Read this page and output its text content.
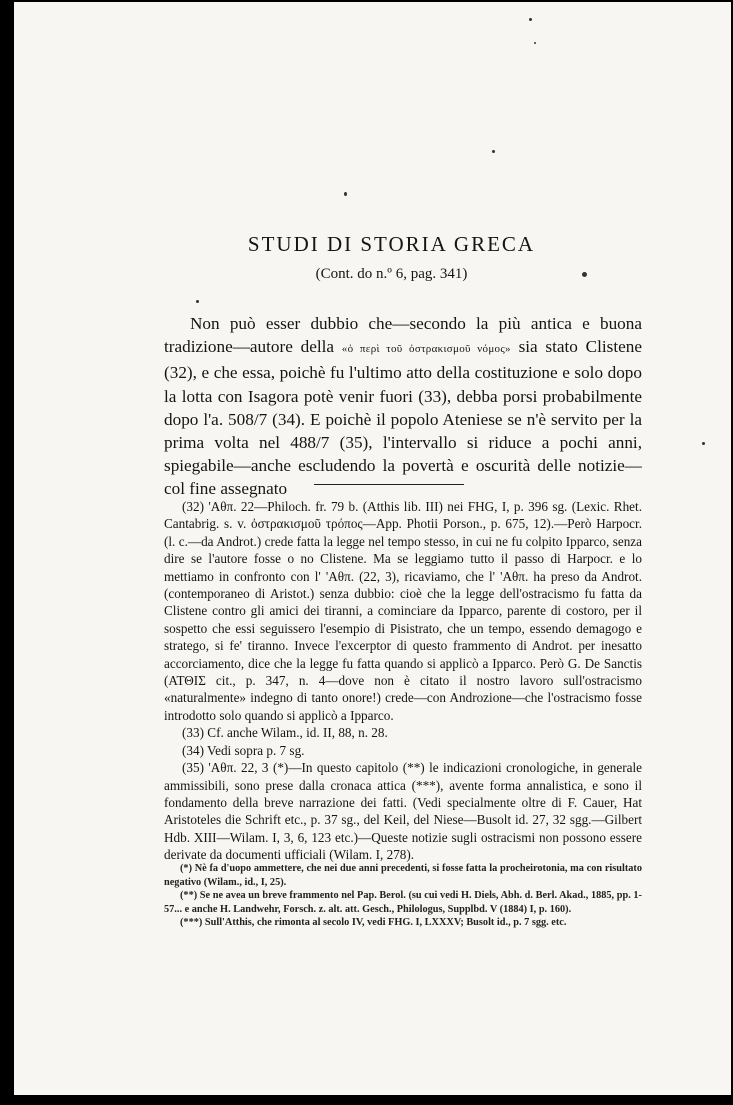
STUDI DI STORIA GRECA
(Cont. do n.º 6, pag. 341)

Non può esser dubbio che—secondo la più antica e buona tradizione—autore della «ὁ περὶ τοῦ ὀστρακισμοῦ νόμος» sia stato Clistene (32), e che essa, poichè fu l'ultimo atto della costituzione e solo dopo la lotta con Isagora potè venir fuori (33), debba porsi probabilmente dopo l'a. 508/7 (34). E poichè il popolo Ateniese se n'è servito per la prima volta nel 488/7 (35), l'intervallo si riduce a pochi anni, spiegabile—anche escludendo la povertà e oscurità delle notizie—col fine assegnato

(32) 'Αθπ. 22—Philoch. fr. 79 b. (Atthis lib. III) nei FHG, I, p. 396 sg. (Lexic. Rhet. Cantabrig. s. v. ὀστρακισμοῦ τρόπος—App. Photii Porson., p. 675, 12).—Però Harpocr. (l. c.—da Androt.) crede fatta la legge nel tempo stesso, in cui ne fu colpito Ipparco, senza dire se l'autore fosse o no Clistene. Ma se leggiamo tutto il passo di Harpocr. e lo mettiamo in confronto con l' 'Αθπ. (22, 3), ricaviamo, che l' 'Αθπ. ha preso da Androt. (contemporaneo di Aristot.) senza dubbio: cioè che la legge dell'ostracismo fu fatta da Clistene contro gli amici dei tiranni, a cominciare da Ipparco, parente di costoro, per il sospetto che essi seguissero l'esempio di Pisistrato, che un tempo, essendo demagogo e stratego, si fe' tiranno. Invece l'excerptor di questo frammento di Androt. per inesatto accorciamento, dice che la legge fu fatta quando si applicò a Ipparco. Però G. De Sanctis (ΑΤΘΙΣ cit., p. 347, n. 4—dove non è citato il nostro lavoro sull'ostracismo «naturalmente» indegno di tanto onore!) crede—con Androzione—che l'ostracismo fosse introdotto solo quando si applicò a Ipparco.

(33) Cf. anche Wilam., id. II, 88, n. 28.

(34) Vedi sopra p. 7 sg.

(35) 'Αθπ. 22, 3 (*)—In questo capitolo (**) le indicazioni cronologiche, in generale ammissibili, sono prese dalla cronaca attica (***), avente forma annalistica, e sono il fondamento della breve narrazione dei fatti. (Vedi specialmente oltre di F. Cauer, Hat Aristoteles die Schrift etc., p. 37 sg., del Keil, del Niese—Busolt id. 27, 32 sgg.—Gilbert Hdb. XIII—Wilam. I, 3, 6, 123 etc.)—Queste notizie sugli ostracismi non possono essere derivate da documenti ufficiali (Wilam. I, 278).

(*) Nè fa d'uopo ammettere, che nei due anni precedenti, si fosse fatta la procheirotonia, ma con risultato negativo (Wilam., id., I, 25).

(**) Se ne avea un breve frammento nel Pap. Berol. (su cui vedi H. Diels, Abh. d. Berl. Akad., 1885, pp. 1-57... e anche H. Landwehr, Forsch. z. alt. att. Gesch., Philologus, Supplbd. V (1884) I, p. 160).

(***) Sull'Atthis, che rimonta al secolo IV, vedi FHG. I, LXXXV; Busolt id., p. 7 sgg. etc.
